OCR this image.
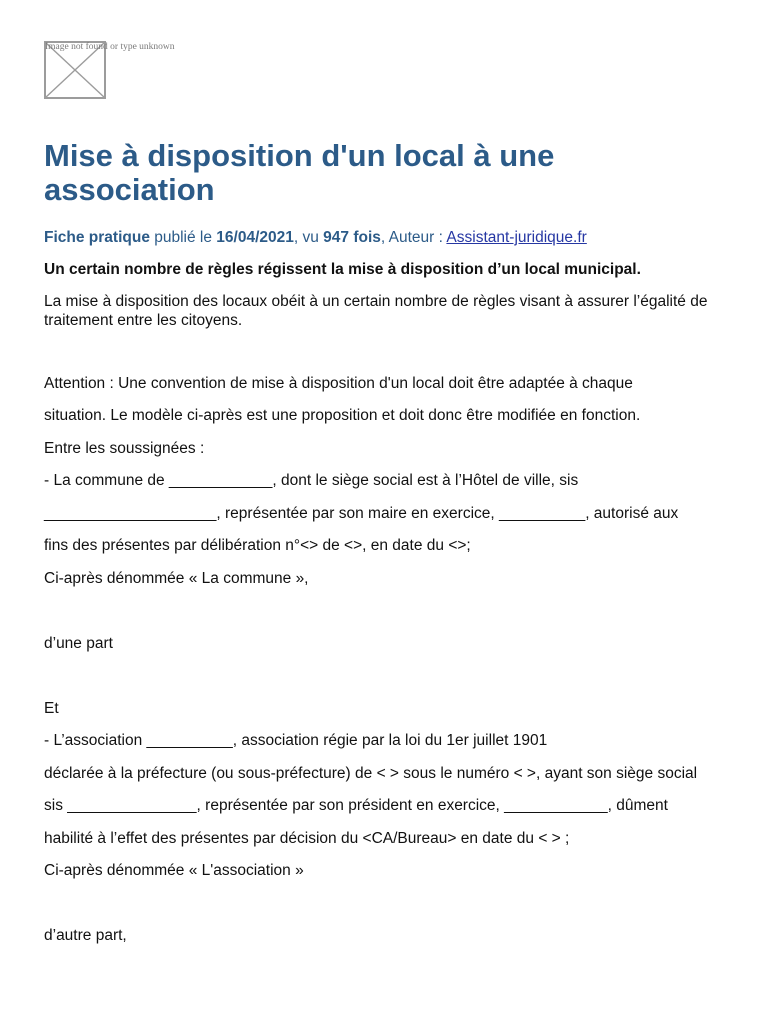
Image not found or type unknown
Mise à disposition d'un local à une association
Fiche pratique publié le 16/04/2021, vu 947 fois, Auteur : Assistant-juridique.fr

Un certain nombre de règles régissent la mise à disposition d’un local municipal.

La mise à disposition des locaux obéit à un certain nombre de règles visant à assurer l’égalité de traitement entre les citoyens.

Attention : Une convention de mise à disposition d'un local doit être adaptée à chaque
situation. Le modèle ci-après est une proposition et doit donc être modifiée en fonction.
Entre les soussignées :
- La commune de ____________, dont le siège social est à l’Hôtel de ville, sis
____________________, représentée par son maire en exercice, __________, autorisé aux
fins des présentes par délibération n°<> de <>, en date du <>;
Ci-après dénommée « La commune »,
d’une part
Et
- L’association __________, association régie par la loi du 1er juillet 1901
déclarée à la préfecture (ou sous-préfecture) de < > sous le numéro < >, ayant son siège social
sis _______________, représentée par son président en exercice, ____________, dûment
habilité à l’effet des présentes par décision du <CA/Bureau> en date du < > ;
Ci-après dénommée « L'association »
d’autre part,
